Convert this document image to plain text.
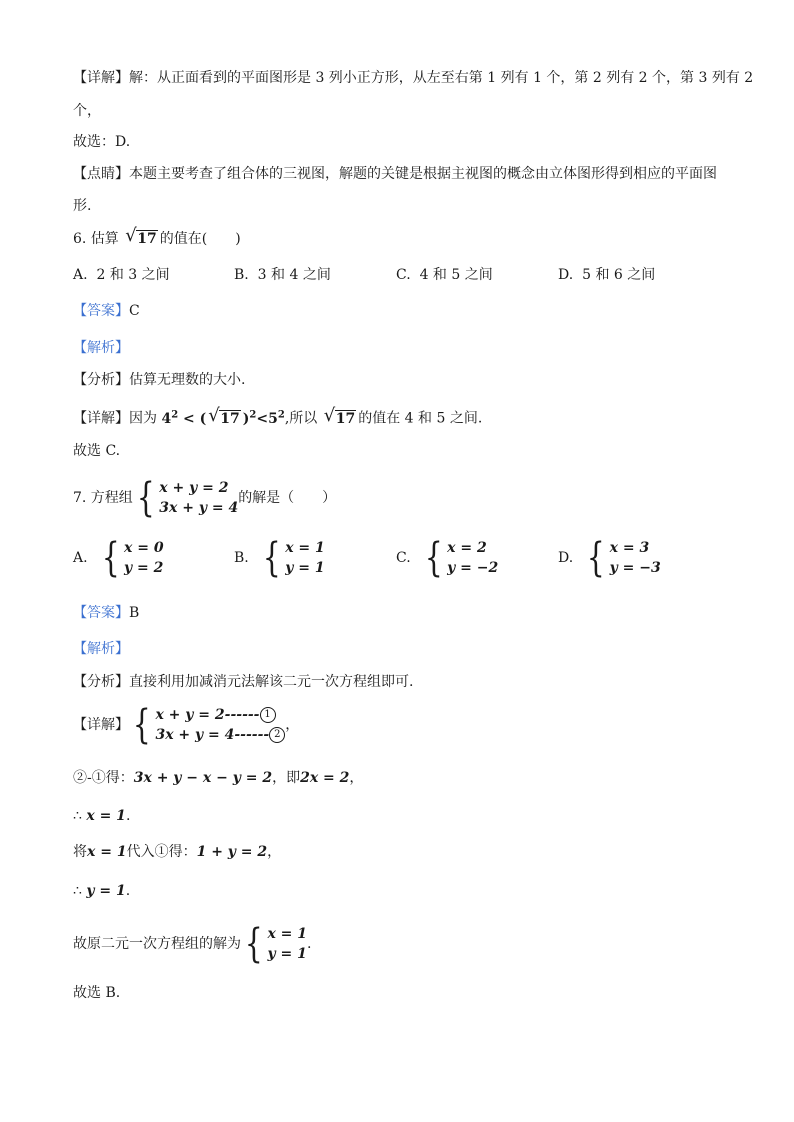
【详解】解：从正面看到的平面图形是 3 列小正方形，从左至右第 1 列有 1 个，第 2 列有 2 个，第 3 列有 2
个，
故选：D.
【点睛】本题主要考查了组合体的三视图，解题的关键是根据主视图的概念由立体图形得到相应的平面图
形.
6. 估算 √ 17 的值在(　　)
A. 2 和 3 之间	B. 3 和 4 之间	C. 4 和 5 之间	D. 5 和 6 之间
【答案】C
【解析】
【分析】估算无理数的大小.
【详解】因为 $4^2$ < ( √ 17 )$^2<5^2$,所以 √ 17 的值在 4 和 5 之间.
故选 C.
7. 方程组 { x + y = 2
3x + y = 4
的解是（　　）
A. { x = 0
y = 2
B. { x = 1
y = 1
C. { x = 2
y = −2
D. { x = 3
y = −3
【答案】B
【解析】
【分析】直接利用加减消元法解该二元一次方程组即可.
【详解】 { x + y = 2------ 1
3x + y = 4------ 2
，
②-①得：3x + y − x − y = 2，即2x = 2，
∴ x = 1.
将x = 1代入①得：1 + y = 2，
∴ y = 1.
故原二元一次方程组的解为 { x = 1
y = 1
.
故选 B.
